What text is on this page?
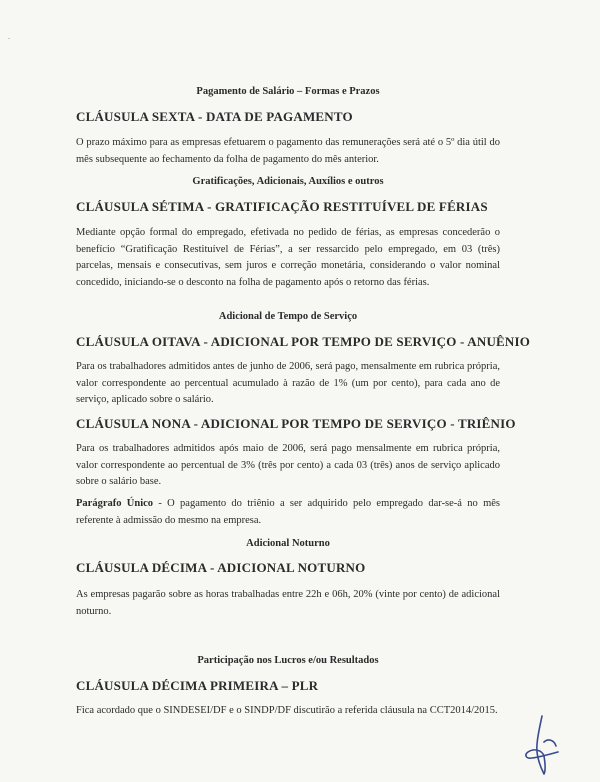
-
Pagamento de Salário – Formas e Prazos
CLÁUSULA SEXTA - DATA DE PAGAMENTO

O prazo máximo para as empresas efetuarem o pagamento das remunerações será até o 5º dia útil do mês subsequente ao fechamento da folha de pagamento do mês anterior.

Gratificações, Adicionais, Auxílios e outros
CLÁUSULA SÉTIMA - GRATIFICAÇÃO RESTITUÍVEL DE FÉRIAS

Mediante opção formal do empregado, efetivada no pedido de férias, as empresas concederão o benefício “Gratificação Restituível de Férias”, a ser ressarcido pelo empregado, em 03 (três) parcelas, mensais e consecutivas, sem juros e correção monetária, considerando o valor nominal concedido, iniciando-se o desconto na folha de pagamento após o retorno das férias.

Adicional de Tempo de Serviço
CLÁUSULA OITAVA - ADICIONAL POR TEMPO DE SERVIÇO - ANUÊNIO

Para os trabalhadores admitidos antes de junho de 2006, será pago, mensalmente em rubrica própria, valor correspondente ao percentual acumulado à razão de 1% (um por cento), para cada ano de serviço, aplicado sobre o salário.

CLÁUSULA NONA - ADICIONAL POR TEMPO DE SERVIÇO - TRIÊNIO

Para os trabalhadores admitidos após maio de 2006, será pago mensalmente em rubrica própria, valor correspondente ao percentual de 3% (três por cento) a cada 03 (três) anos de serviço aplicado sobre o salário base.

Parágrafo Único - O pagamento do triênio a ser adquirido pelo empregado dar-se-á no mês referente à admissão do mesmo na empresa.

Adicional Noturno
CLÁUSULA DÉCIMA - ADICIONAL NOTURNO

As empresas pagarão sobre as horas trabalhadas entre 22h e 06h, 20% (vinte por cento) de adicional noturno.

Participação nos Lucros e/ou Resultados
CLÁUSULA DÉCIMA PRIMEIRA – PLR

Fica acordado que o SINDESEI/DF e o SINDP/DF discutirão a referida cláusula na CCT2014/2015.
